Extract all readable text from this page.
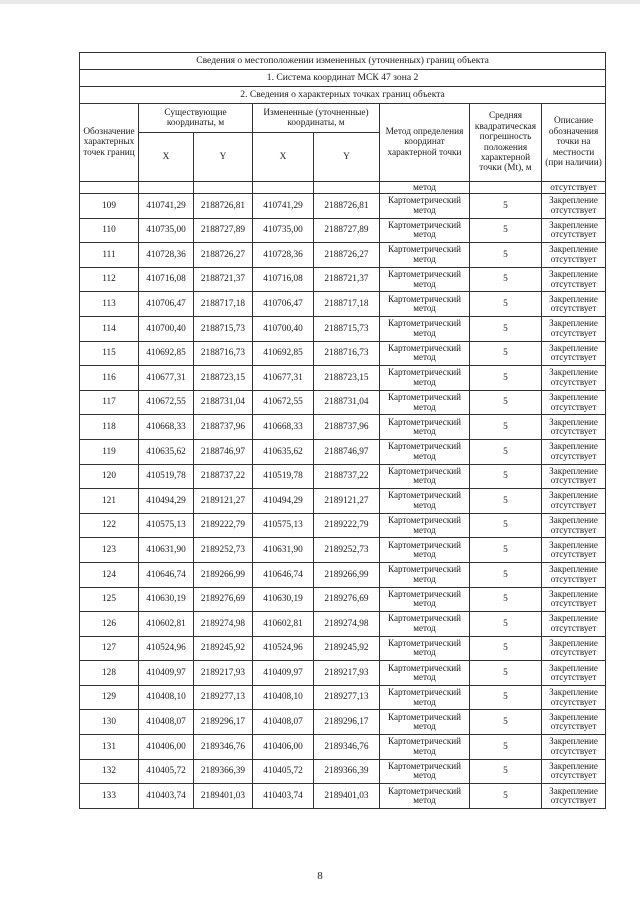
Сведения о местоположении измененных (уточненных) границ объекта							
1. Система координат МСК 47 зона 2							
2. Сведения о характерных точках границ объекта							
Обозначение характерных точек границ	Существующие координаты, м		Измененные (уточненные) координаты, м		Метод определения координат характерной точки	Средняя квадратическая погрешность положения характерной точки (Mt), м	Описание обозначения точки на местности (при наличии)
	X	Y	X	Y			
					метод		отсутствует
109	410741,29	2188726,81	410741,29	2188726,81	Картометрический метод	5	Закрепление отсутствует
110	410735,00	2188727,89	410735,00	2188727,89	Картометрический метод	5	Закрепление отсутствует
111	410728,36	2188726,27	410728,36	2188726,27	Картометрический метод	5	Закрепление отсутствует
112	410716,08	2188721,37	410716,08	2188721,37	Картометрический метод	5	Закрепление отсутствует
113	410706,47	2188717,18	410706,47	2188717,18	Картометрический метод	5	Закрепление отсутствует
114	410700,40	2188715,73	410700,40	2188715,73	Картометрический метод	5	Закрепление отсутствует
115	410692,85	2188716,73	410692,85	2188716,73	Картометрический метод	5	Закрепление отсутствует
116	410677,31	2188723,15	410677,31	2188723,15	Картометрический метод	5	Закрепление отсутствует
117	410672,55	2188731,04	410672,55	2188731,04	Картометрический метод	5	Закрепление отсутствует
118	410668,33	2188737,96	410668,33	2188737,96	Картометрический метод	5	Закрепление отсутствует
119	410635,62	2188746,97	410635,62	2188746,97	Картометрический метод	5	Закрепление отсутствует
120	410519,78	2188737,22	410519,78	2188737,22	Картометрический метод	5	Закрепление отсутствует
121	410494,29	2189121,27	410494,29	2189121,27	Картометрический метод	5	Закрепление отсутствует
122	410575,13	2189222,79	410575,13	2189222,79	Картометрический метод	5	Закрепление отсутствует
123	410631,90	2189252,73	410631,90	2189252,73	Картометрический метод	5	Закрепление отсутствует
124	410646,74	2189266,99	410646,74	2189266,99	Картометрический метод	5	Закрепление отсутствует
125	410630,19	2189276,69	410630,19	2189276,69	Картометрический метод	5	Закрепление отсутствует
126	410602,81	2189274,98	410602,81	2189274,98	Картометрический метод	5	Закрепление отсутствует
127	410524,96	2189245,92	410524,96	2189245,92	Картометрический метод	5	Закрепление отсутствует
128	410409,97	2189217,93	410409,97	2189217,93	Картометрический метод	5	Закрепление отсутствует
129	410408,10	2189277,13	410408,10	2189277,13	Картометрический метод	5	Закрепление отсутствует
130	410408,07	2189296,17	410408,07	2189296,17	Картометрический метод	5	Закрепление отсутствует
131	410406,00	2189346,76	410406,00	2189346,76	Картометрический метод	5	Закрепление отсутствует
132	410405,72	2189366,39	410405,72	2189366,39	Картометрический метод	5	Закрепление отсутствует
133	410403,74	2189401,03	410403,74	2189401,03	Картометрический метод	5	Закрепление отсутствует
8
